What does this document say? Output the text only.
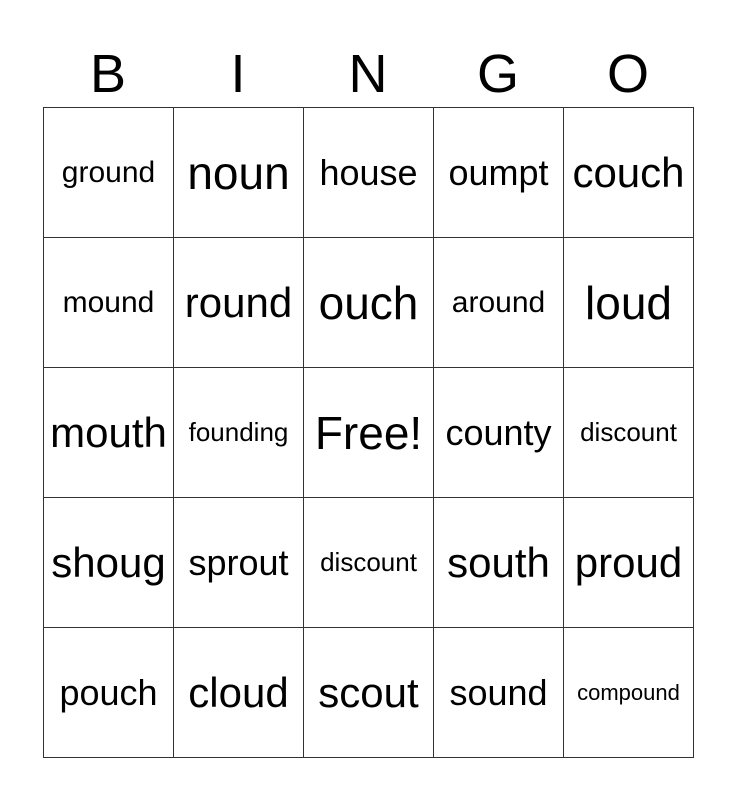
B	I	N	G	O
ground noun house oumpt couch
mound round ouch around loud
mouth founding Free! county discount
shoug sprout discount south proud
pouch cloud scout sound compound
